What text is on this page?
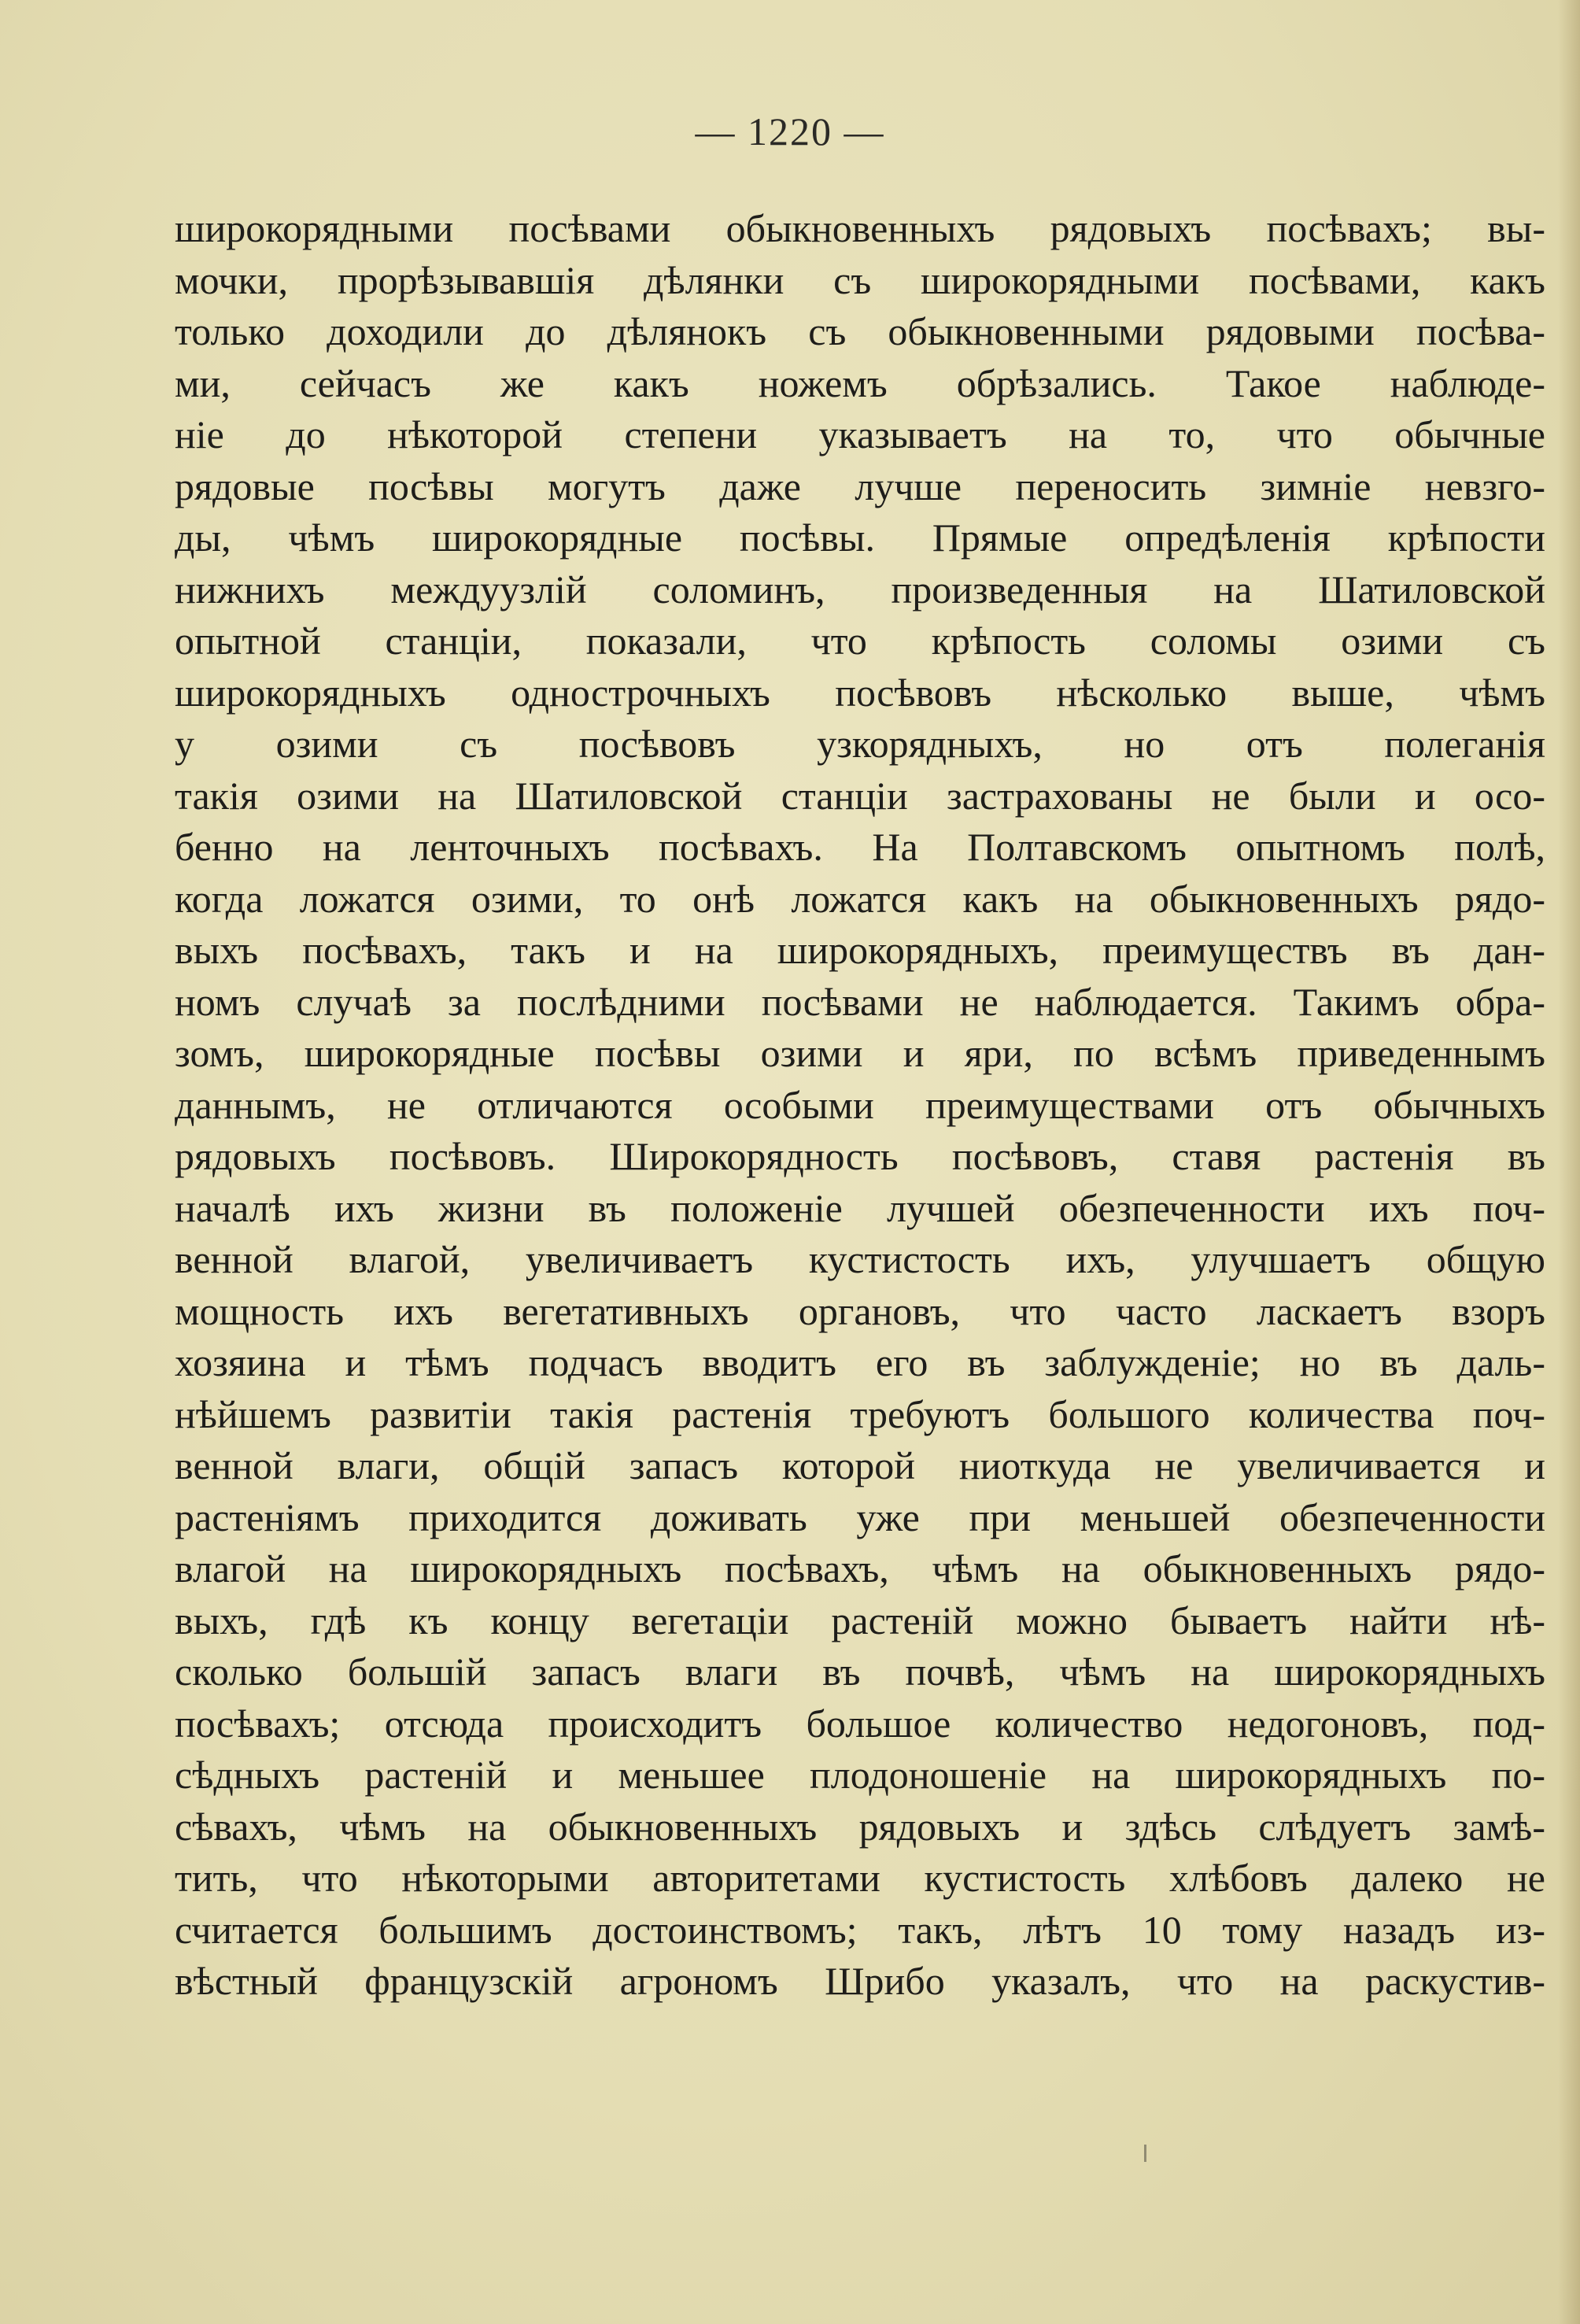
— 1220 —
широкорядными посѣвами обыкновенныхъ рядовыхъ посѣвахъ; вы-
мочки, прорѣзывавшія дѣлянки съ широкорядными посѣвами, какъ
только доходили до дѣлянокъ съ обыкновенными рядовыми посѣва-
ми, сейчасъ же какъ ножемъ обрѣзались. Такое наблюде-
ніе до нѣкоторой степени указываетъ на то, что обычные
рядовые посѣвы могутъ даже лучше переносить зимніе невзго-
ды, чѣмъ широкорядные посѣвы. Прямые опредѣленія крѣпости
нижнихъ междуузлій соломинъ, произведенныя на Шатиловской
опытной станціи, показали, что крѣпость соломы озими съ
широкорядныхъ однострочныхъ посѣвовъ нѣсколько выше, чѣмъ
у озими съ посѣвовъ узкорядныхъ, но отъ полеганія
такія озими на Шатиловской станціи застрахованы не были и осо-
бенно на ленточныхъ посѣвахъ. На Полтавскомъ опытномъ полѣ,
когда ложатся озими, то онѣ ложатся какъ на обыкновенныхъ рядо-
выхъ посѣвахъ, такъ и на широкорядныхъ, преимуществъ въ дан-
номъ случаѣ за послѣдними посѣвами не наблюдается. Такимъ обра-
зомъ, широкорядные посѣвы озими и яри, по всѣмъ приведеннымъ
даннымъ, не отличаются особыми преимуществами отъ обычныхъ
рядовыхъ посѣвовъ. Широкорядность посѣвовъ, ставя растенія въ
началѣ ихъ жизни въ положеніе лучшей обезпеченности ихъ поч-
венной влагой, увеличиваетъ кустистость ихъ, улучшаетъ общую
мощность ихъ вегетативныхъ органовъ, что часто ласкаетъ взоръ
хозяина и тѣмъ подчасъ вводитъ его въ заблужденіе; но въ даль-
нѣйшемъ развитіи такія растенія требуютъ большого количества поч-
венной влаги, общій запасъ которой ниоткуда не увеличивается и
растеніямъ приходится доживать уже при меньшей обезпеченности
влагой на широкорядныхъ посѣвахъ, чѣмъ на обыкновенныхъ рядо-
выхъ, гдѣ къ концу вегетаціи растеній можно бываетъ найти нѣ-
сколько большій запасъ влаги въ почвѣ, чѣмъ на широкорядныхъ
посѣвахъ; отсюда происходитъ большое количество недогоновъ, под-
сѣдныхъ растеній и меньшее плодоношеніе на широкорядныхъ по-
сѣвахъ, чѣмъ на обыкновенныхъ рядовыхъ и здѣсь слѣдуетъ замѣ-
тить, что нѣкоторыми авторитетами кустистость хлѣбовъ далеко не
считается большимъ достоинствомъ; такъ, лѣтъ 10 тому назадъ из-
вѣстный французскій агрономъ Шрибо указалъ, что на раскустив-
